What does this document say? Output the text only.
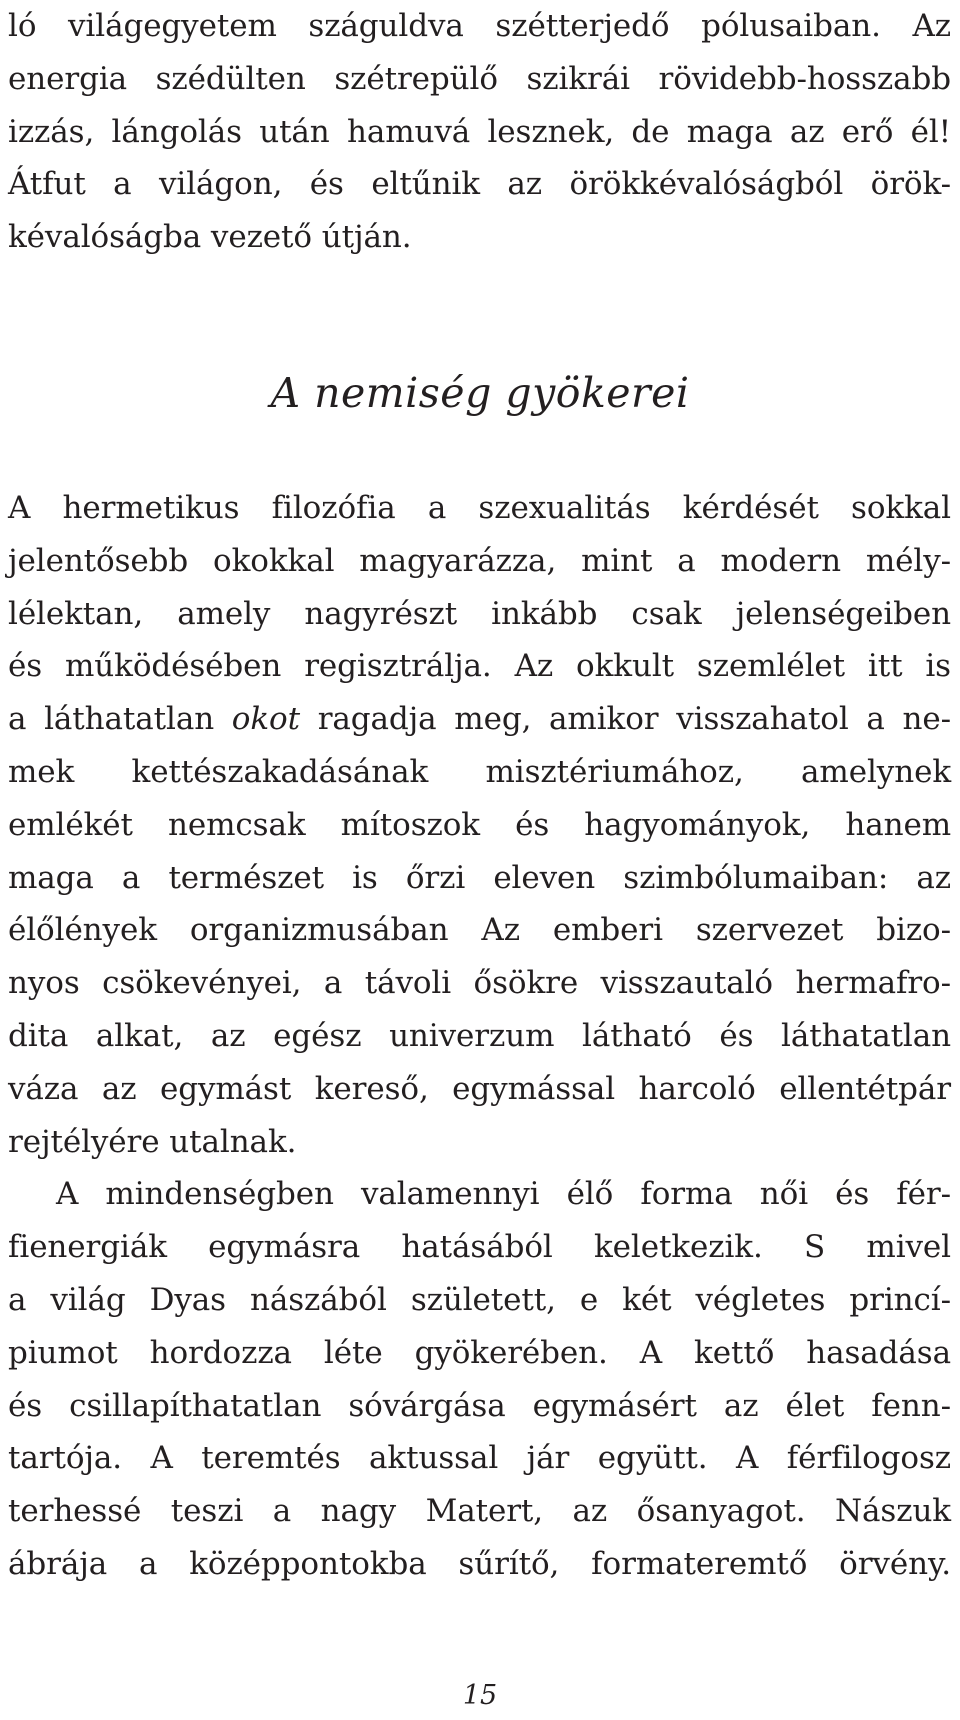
ló világegyetem száguldva szétterjedő pólusaiban. Az
energia szédülten szétrepülő szikrái rövidebb-hosszabb
izzás, lángolás után hamuvá lesznek, de maga az erő él!
Átfut a világon, és eltűnik az örökkévalóságból örök-
kévalóságba vezető útján.
A nemiség gyökerei
A hermetikus filozófia a szexualitás kérdését sokkal
jelentősebb okokkal magyarázza, mint a modern mély-
lélektan, amely nagyrészt inkább csak jelenségeiben
és működésében regisztrálja. Az okkult szemlélet itt is
a láthatatlan okot ragadja meg, amikor visszahatol a ne-
mek kettészakadásának misztériumához, amelynek
emlékét nemcsak mítoszok és hagyományok, hanem
maga a természet is őrzi eleven szimbólumaiban: az
élőlények organizmusában Az emberi szervezet bizo-
nyos csökevényei, a távoli ősökre visszautaló hermafro-
dita alkat, az egész univerzum látható és láthatatlan
váza az egymást kereső, egymással harcoló ellentétpár
rejtélyére utalnak.
A mindenségben valamennyi élő forma női és fér-
fienergiák egymásra hatásából keletkezik. S mivel
a világ Dyas nászából született, e két végletes princí-
piumot hordozza léte gyökerében. A kettő hasadása
és csillapíthatatlan sóvárgása egymásért az élet fenn-
tartója. A teremtés aktussal jár együtt. A férfilogosz
terhessé teszi a nagy Matert, az ősanyagot. Nászuk
ábrája a középpontokba sűrítő, formateremtő örvény.
15
